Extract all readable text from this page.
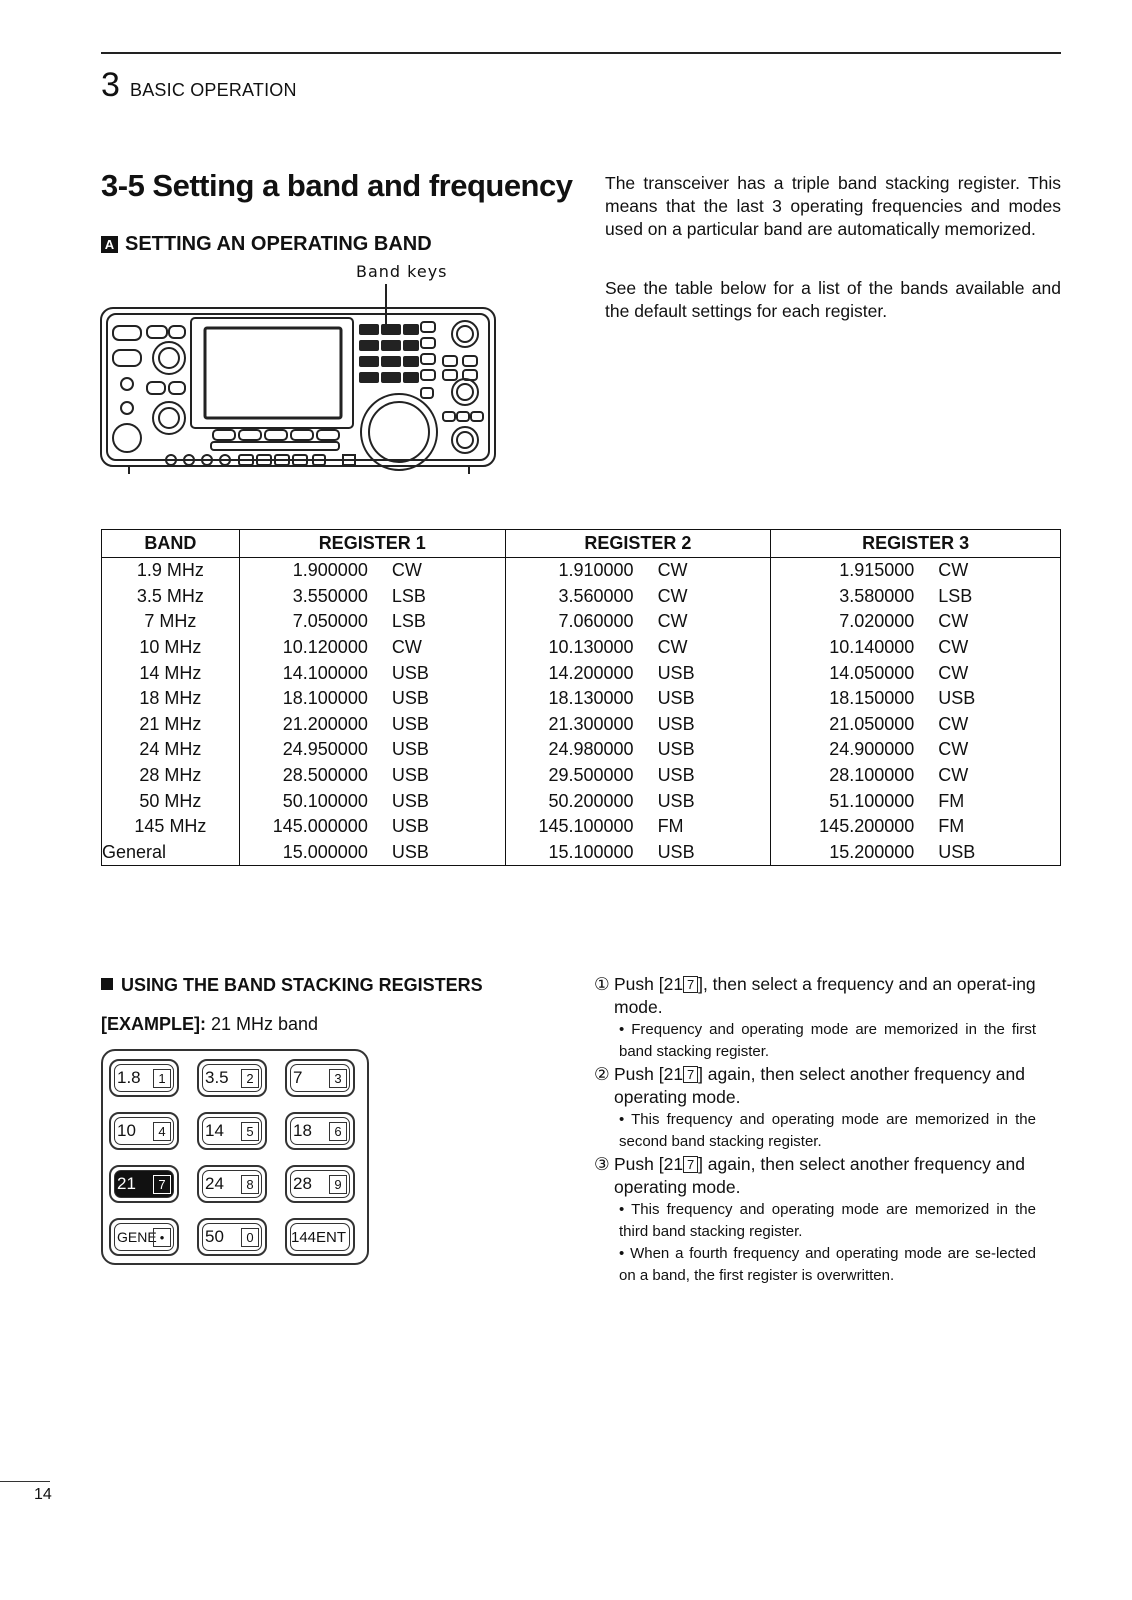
3 BASIC OPERATION
3-5 Setting a band and frequency
A SETTING AN OPERATING BAND
Band keys
The transceiver has a triple band stacking register. This means that the last 3 operating frequencies and modes used on a particular band are automatically memorized.
See the table below for a list of the bands available and the default settings for each register.
BAND	REGISTER 1	REGISTER 2	REGISTER 3
1.9 MHz	1.900000 CW	1.910000 CW	1.915000 CW
3.5 MHz	3.550000 LSB	3.560000 CW	3.580000 LSB
7 MHz	7.050000 LSB	7.060000 CW	7.020000 CW
10 MHz	10.120000 CW	10.130000 CW	10.140000 CW
14 MHz	14.100000 USB	14.200000 USB	14.050000 CW
18 MHz	18.100000 USB	18.130000 USB	18.150000 USB
21 MHz	21.200000 USB	21.300000 USB	21.050000 CW
24 MHz	24.950000 USB	24.980000 USB	24.900000 CW
28 MHz	28.500000 USB	29.500000 USB	28.100000 CW
50 MHz	50.100000 USB	50.200000 USB	51.100000 FM
145 MHz	145.000000 USB	145.100000 FM	145.200000 FM
General	15.000000 USB	15.100000 USB	15.200000 USB
USING THE BAND STACKING REGISTERS
[EXAMPLE]: 21 MHz band
1.8	1	3.5	2	7	3
10	4	14	5	18	6
21	7	24	8	28	9
GENE •	50	0	144ENT
① Push [21 7 ], then select a frequency and an operat-ing mode.
• Frequency and operating mode are memorized in the first band stacking register.
② Push [21 7 ] again, then select another frequency and operating mode.
• This frequency and operating mode are memorized in the second band stacking register.
③ Push [21 7 ] again, then select another frequency and operating mode.
• This frequency and operating mode are memorized in the third band stacking register.
• When a fourth frequency and operating mode are se-lected on a band, the first register is overwritten.
14
